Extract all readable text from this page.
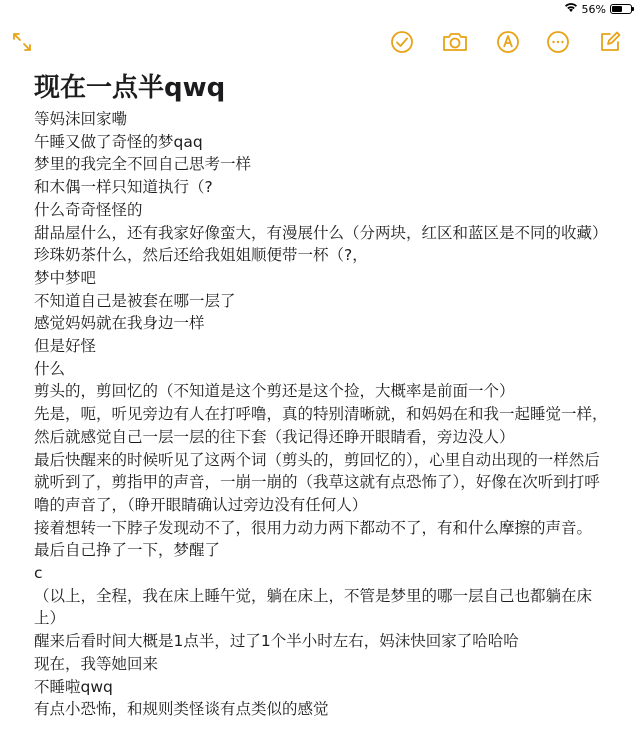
56%
现在一点半qwq

等妈沫回家嘞

午睡又做了奇怪的梦qaq

梦里的我完全不回自己思考一样

和木偶一样只知道执行（?

什么奇奇怪怪的

甜品屋什么，还有我家好像蛮大，有漫展什么（分两块，红区和蓝区是不同的收藏）珍珠奶茶什么，然后还给我姐姐顺便带一杯（?，

梦中梦吧

不知道自己是被套在哪一层了

感觉妈妈就在我身边一样

但是好怪

什么

剪头的，剪回忆的（不知道是这个剪还是这个捡，大概率是前面一个）

先是，呃，听见旁边有人在打呼噜，真的特别清晰就，和妈妈在和我一起睡觉一样，然后就感觉自己一层一层的往下套（我记得还睁开眼睛看，旁边没人）

最后快醒来的时候听见了这两个词（剪头的，剪回忆的），心里自动出现的一样然后就听到了，剪指甲的声音，一崩一崩的（我草这就有点恐怖了），好像在次听到打呼噜的声音了，（睁开眼睛确认过旁边没有任何人）

接着想转一下脖子发现动不了，很用力动力两下都动不了，有和什么摩擦的声音。

最后自己挣了一下，梦醒了

c

（以上，全程，我在床上睡午觉，躺在床上，不管是梦里的哪一层自己也都躺在床上）

醒来后看时间大概是1点半，过了1个半小时左右，妈沫快回家了哈哈哈

现在，我等她回来

不睡啦qwq

有点小恐怖，和规则类怪谈有点类似的感觉
